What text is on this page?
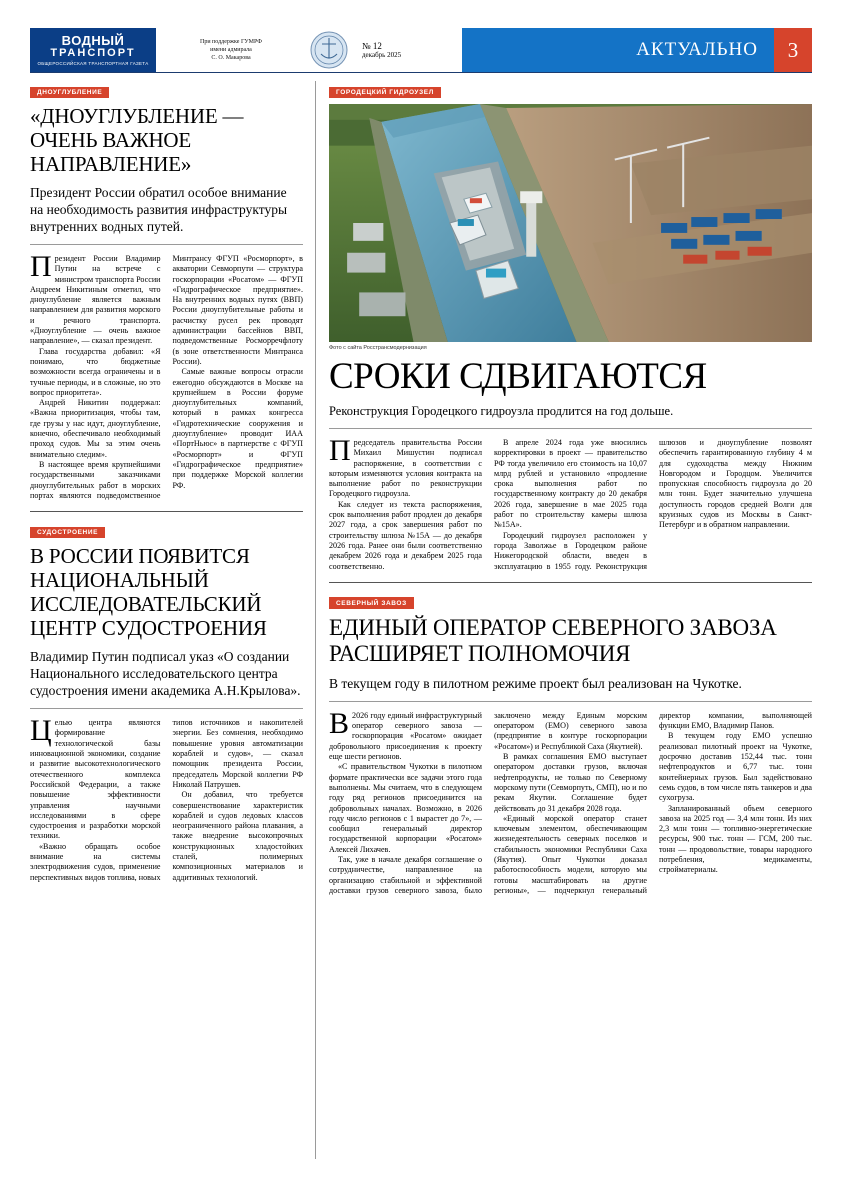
ВОДНЫЙ
ТРАНСПОРТ
ОБЩЕРОССИЙСКАЯ ТРАНСПОРТНАЯ ГАЗЕТА
При поддержке ГУМРФ
имени адмирала
С. О. Макарова
№ 12
декабрь 2025	АКТУАЛЬНО	3
ДНОУГЛУБЛЕНИЕ
«ДНОУГЛУБЛЕНИЕ — ОЧЕНЬ ВАЖНОЕ НАПРАВЛЕНИЕ»

Президент России обратил особое внимание на необходимость развития инфраструктуры внутренних водных путей.

Президент России Владимир Путин на встрече с министром транспорта России Андреем Никитиным отметил, что дноуглубление является важным направлением для развития морского и речного транспорта. «Дноуглубление — очень важное направление», — сказал президент.

Глава государства добавил: «Я понимаю, что бюджетные возможности всегда ограничены и в тучные периоды, и в сложные, но это вопрос приоритета».

Андрей Никитин поддержал: «Важна приоритизация, чтобы там, где грузы у нас идут, дноуглубление, конечно, обеспечивало необходимый проход судов. Мы за этим очень внимательно следим».

В настоящее время крупнейшими государственными заказчиками дноуглубительных работ в морских портах являются подведомственное Минтрансу ФГУП «Росморпорт», в акватории Севморпути — структура госкорпорации «Росатом» — ФГУП «Гидрографическое предприятие». На внутренних водных путях (ВВП) России дноуглубительные работы и расчистку русел рек проводят администрации бассейнов ВВП, подведомственные Росморречфлоту (в зоне ответственности Минтранса России).

Самые важные вопросы отрасли ежегодно обсуждаются в Москве на крупнейшем в России форуме дноуглубительных компаний, который в рамках конгресса «Гидротехнические сооружения и дноуглубление» проводит ИАА «ПортНьюс» в партнерстве с ФГУП «Росморпорт» и ФГУП «Гидрографическое предприятие» при поддержке Морской коллегии РФ.

СУДОСТРОЕНИЕ
В РОССИИ ПОЯВИТСЯ НАЦИОНАЛЬНЫЙ ИССЛЕДОВАТЕЛЬСКИЙ ЦЕНТР СУДОСТРОЕНИЯ

Владимир Путин подписал указ «О создании Национального исследовательского центра судостроения имени академика А.Н.Крылова».

Целью центра являются формирование технологической базы инновационной экономики, создание и развитие высокотехнологического отечественного комплекса Российской Федерации, а также повышение эффективности управления научными исследованиями в сфере судостроения и разработки морской техники.

«Важно обращать особое внимание на системы электродвижения судов, применение перспективных видов топлива, новых типов источников и накопителей энергии. Без сомнения, необходимо повышение уровня автоматизации кораблей и судов», — сказал помощник президента России, председатель Морской коллегии РФ Николай Патрушев.

Он добавил, что требуется совершенствование характеристик кораблей и судов ледовых классов неограниченного района плавания, а также внедрение высокопрочных конструкционных хладостойких сталей, полимерных композиционных материалов и аддитивных технологий.

ГОРОДЕЦКИЙ ГИДРОУЗЕЛ
Фото с сайта Росстрансмодернизация
СРОКИ СДВИГАЮТСЯ

Реконструкция Городецкого гидроузла продлится на год дольше.

Председатель правительства России Михаил Мишустин подписал распоряжение, в соответствии с которым изменяются условия контракта на выполнение работ по реконструкции Городецкого гидроузла.

Как следует из текста распоряжения, срок выполнения работ продлен до декабря 2027 года, а срок завершения работ по строительству шлюза №15А — до декабря 2026 года. Ранее они были соответственно декабрем 2026 года и декабрем 2025 года соответственно.

В апреле 2024 года уже вносились корректировки в проект — правительство РФ тогда увеличило его стоимость на 10,07 млрд рублей и установило «продление срока выполнения работ по государственному контракту до 20 декабря 2026 года, завершение в мае 2025 года работ по строительству камеры шлюза №15А».

Городецкий гидроузел расположен у города Заволжье в Городецком районе Нижегородской области, введен в эксплуатацию в 1955 году. Реконструкция шлюзов и дноуглубление позволят обеспечить гарантированную глубину 4 м для судоходства между Нижним Новгородом и Городцом. Увеличится пропускная способность гидроузла до 20 млн тонн. Будет значительно улучшена доступность городов средней Волги для круизных судов из Москвы в Санкт-Петербург и в обратном направлении.

СЕВЕРНЫЙ ЗАВОЗ
ЕДИНЫЙ ОПЕРАТОР СЕВЕРНОГО ЗАВОЗА РАСШИРЯЕТ ПОЛНОМОЧИЯ

В текущем году в пилотном режиме проект был реализован на Чукотке.

В 2026 году единый инфраструктурный оператор северного завоза — госкорпорация «Росатом» ожидает добровольного присоединения к проекту еще шести регионов.

«С правительством Чукотки в пилотном формате практически все задачи этого года выполнены. Мы считаем, что в следующем году ряд регионов присоединится на добровольных началах. Возможно, в 2026 году число регионов с 1 вырастет до 7», — сообщил генеральный директор государственной корпорации «Росатом» Алексей Лихачев.

Так, уже в начале декабря соглашение о сотрудничестве, направленное на организацию стабильной и эффективной доставки грузов северного завоза, было заключено между Единым морским оператором (ЕМО) северного завоза (предприятие в контуре госкорпорации «Росатом») и Республикой Саха (Якутией).

В рамках соглашения ЕМО выступает оператором доставки грузов, включая нефтепродукты, не только по Северному морскому пути (Севморпуть, СМП), но и по рекам Якутии. Соглашение будет действовать до 31 декабря 2028 года.

«Единый морской оператор станет ключевым элементом, обеспечивающим жизнедеятельность северных поселков и стабильность экономики Республики Саха (Якутия). Опыт Чукотки доказал работоспособность модели, которую мы готовы масштабировать на другие регионы», — подчеркнул генеральный директор компании, выполняющей функции ЕМО, Владимир Панов.

В текущем году ЕМО успешно реализовал пилотный проект на Чукотке, досрочно доставив 152,44 тыс. тонн нефтепродуктов и 6,77 тыс. тонн контейнерных грузов. Был задействовано семь судов, в том числе пять танкеров и два сухогруза.

Запланированный объем северного завоза на 2025 год — 3,4 млн тонн. Из них 2,3 млн тонн — топливно-энергетические ресурсы, 900 тыс. тонн — ГСМ, 200 тыс. тонн — продовольствие, товары народного потребления, медикаменты, стройматериалы.
